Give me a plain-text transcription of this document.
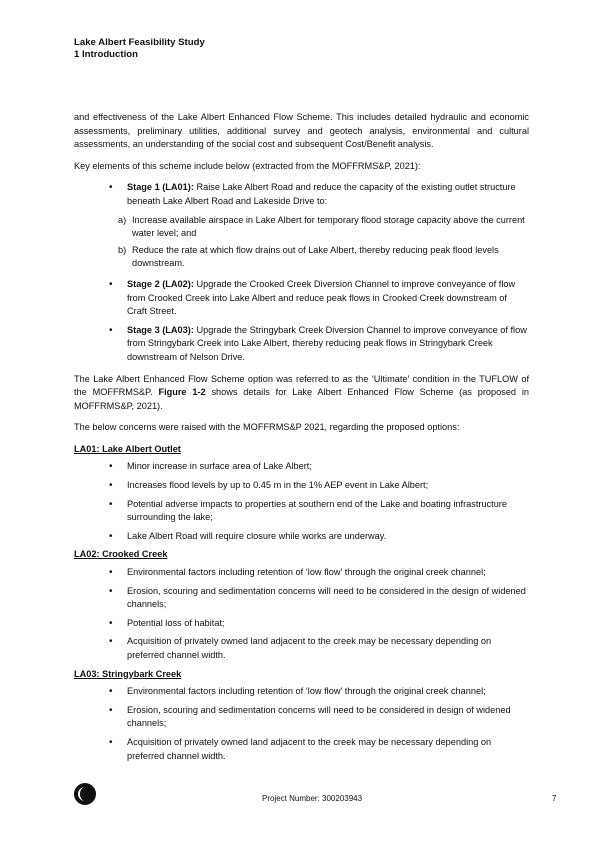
Lake Albert Feasibility Study
1 Introduction

and effectiveness of the Lake Albert Enhanced Flow Scheme. This includes detailed hydraulic and economic assessments, preliminary utilities, additional survey and geotech analysis, environmental and cultural assessments, an understanding of the social cost and subsequent Cost/Benefit analysis.

Key elements of this scheme include below (extracted from the MOFFRMS&P, 2021):

• Stage 1 (LA01): Raise Lake Albert Road and reduce the capacity of the existing outlet structure beneath Lake Albert Road and Lakeside Drive to:
a) Increase available airspace in Lake Albert for temporary flood storage capacity above the current water level; and
b) Reduce the rate at which flow drains out of Lake Albert, thereby reducing peak flood levels downstream.
• Stage 2 (LA02): Upgrade the Crooked Creek Diversion Channel to improve conveyance of flow from Crooked Creek into Lake Albert and reduce peak flows in Crooked Creek downstream of Craft Street.
• Stage 3 (LA03): Upgrade the Stringybark Creek Diversion Channel to improve conveyance of flow from Stringybark Creek into Lake Albert, thereby reducing peak flows in Stringybark Creek downstream of Nelson Drive.

The Lake Albert Enhanced Flow Scheme option was referred to as the ‘Ultimate’ condition in the TUFLOW of the MOFFRMS&P. Figure 1-2 shows details for Lake Albert Enhanced Flow Scheme (as proposed in MOFFRMS&P, 2021).

The below concerns were raised with the MOFFRMS&P 2021, regarding the proposed options:

LA01: Lake Albert Outlet
• Minor increase in surface area of Lake Albert;
• Increases flood levels by up to 0.45 m in the 1% AEP event in Lake Albert;
• Potential adverse impacts to properties at southern end of the Lake and boating infrastructure surrounding the lake;
• Lake Albert Road will require closure while works are underway.
LA02: Crooked Creek
• Environmental factors including retention of ‘low flow’ through the original creek channel;
• Erosion, scouring and sedimentation concerns will need to be considered in the design of widened channels;
• Potential loss of habitat;
• Acquisition of privately owned land adjacent to the creek may be necessary depending on preferred channel width.
LA03: Stringybark Creek
• Environmental factors including retention of ‘low flow’ through the original creek channel;
• Erosion, scouring and sedimentation concerns will need to be considered in design of widened channels;
• Acquisition of privately owned land adjacent to the creek may be necessary depending on preferred channel width.
Project Number: 300203943	7
